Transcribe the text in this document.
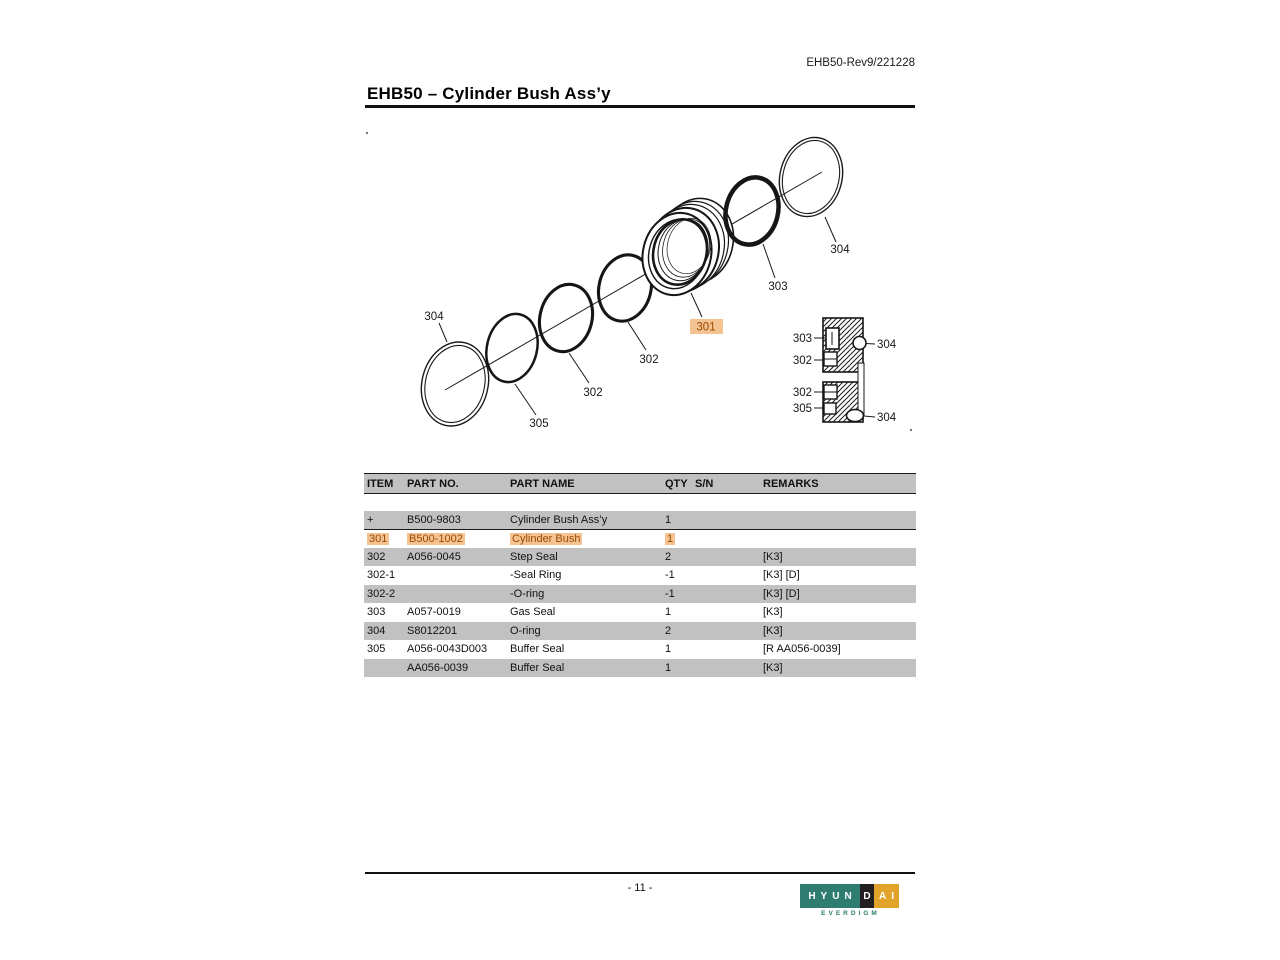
EHB50-Rev9/221228
EHB50 – Cylinder Bush Ass’y
304
305
302
302
301
303
304
303
302
302
305
304
304
ITEM	PART NO.	PART NAME	QTY	S/N	REMARKS

+	B500-9803	Cylinder Bush Ass’y	1		
301	B500-1002	Cylinder Bush	1		
302	A056-0045	Step Seal	2		[K3]
302-1		-Seal Ring	-1		[K3] [D]
302-2		-O-ring	-1		[K3] [D]
303	A057-0019	Gas Seal	1		[K3]
304	S8012201	O-ring	2		[K3]
305	A056-0043D003	Buffer Seal	1		[R AA056-0039]
	AA056-0039	Buffer Seal	1		[K3]
- 11 -
HYUN D AI
EVERDIGM
